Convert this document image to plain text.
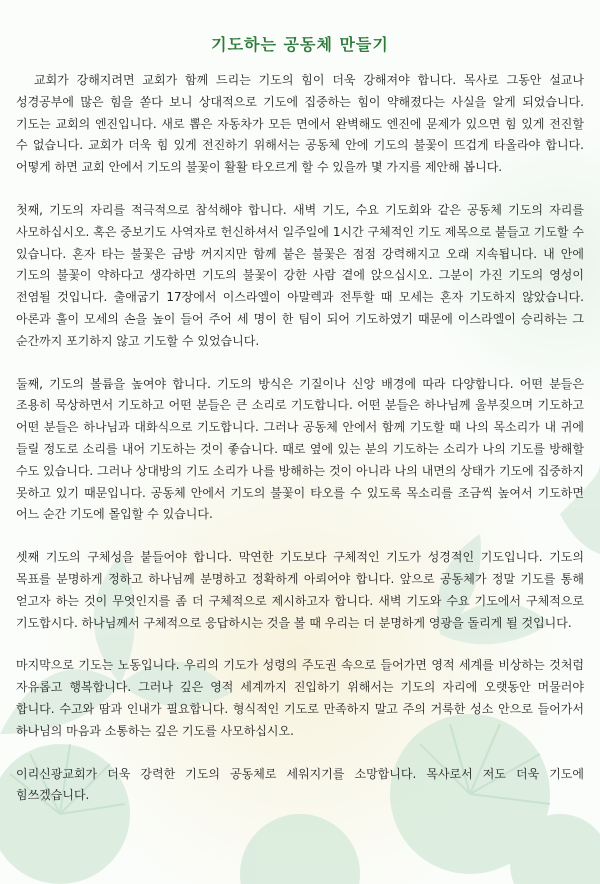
기도하는 공동체 만들기

교회가 강해지려면 교회가 함께 드리는 기도의 힘이 더욱 강해져야 합니다. 목사로 그동안 설교나 성경공부에 많은 힘을 쏟다 보니 상대적으로 기도에 집중하는 힘이 약해졌다는 사실을 알게 되었습니다. 기도는 교회의 엔진입니다. 새로 뽑은 자동차가 모든 면에서 완벽해도 엔진에 문제가 있으면 힘 있게 전진할 수 없습니다. 교회가 더욱 힘 있게 전진하기 위해서는 공동체 안에 기도의 불꽃이 뜨겁게 타올라야 합니다. 어떻게 하면 교회 안에서 기도의 불꽃이 활활 타오르게 할 수 있을까 몇 가지를 제안해 봅니다.

첫째, 기도의 자리를 적극적으로 참석해야 합니다. 새벽 기도, 수요 기도회와 같은 공동체 기도의 자리를 사모하십시오. 혹은 중보기도 사역자로 헌신하셔서 일주일에 1시간 구체적인 기도 제목으로 붙들고 기도할 수 있습니다. 혼자 타는 불꽃은 금방 꺼지지만 함께 붙은 불꽃은 점점 강력해지고 오래 지속됩니다. 내 안에 기도의 불꽃이 약하다고 생각하면 기도의 불꽃이 강한 사람 곁에 앉으십시오. 그분이 가진 기도의 영성이 전염될 것입니다. 출애굽기 17장에서 이스라엘이 아말렉과 전투할 때 모세는 혼자 기도하지 않았습니다. 아론과 훌이 모세의 손을 높이 들어 주어 세 명이 한 팀이 되어 기도하였기 때문에 이스라엘이 승리하는 그 순간까지 포기하지 않고 기도할 수 있었습니다.

둘째, 기도의 볼륨을 높여야 합니다. 기도의 방식은 기질이나 신앙 배경에 따라 다양합니다. 어떤 분들은 조용히 묵상하면서 기도하고 어떤 분들은 큰 소리로 기도합니다. 어떤 분들은 하나님께 울부짖으며 기도하고 어떤 분들은 하나님과 대화식으로 기도합니다. 그러나 공동체 안에서 함께 기도할 때 나의 목소리가 내 귀에 들릴 정도로 소리를 내어 기도하는 것이 좋습니다. 때로 옆에 있는 분의 기도하는 소리가 나의 기도를 방해할 수도 있습니다. 그러나 상대방의 기도 소리가 나를 방해하는 것이 아니라 나의 내면의 상태가 기도에 집중하지 못하고 있기 때문입니다. 공동체 안에서 기도의 불꽃이 타오를 수 있도록 목소리를 조금씩 높여서 기도하면 어느 순간 기도에 몰입할 수 있습니다.

셋째 기도의 구체성을 붙들어야 합니다. 막연한 기도보다 구체적인 기도가 성경적인 기도입니다. 기도의 목표를 분명하게 정하고 하나님께 분명하고 정확하게 아뢰어야 합니다. 앞으로 공동체가 정말 기도를 통해 얻고자 하는 것이 무엇인지를 좀 더 구체적으로 제시하고자 합니다. 새벽 기도와 수요 기도에서 구체적으로 기도합시다. 하나님께서 구체적으로 응답하시는 것을 볼 때 우리는 더 분명하게 영광을 돌리게 될 것입니다.

마지막으로 기도는 노동입니다. 우리의 기도가 성령의 주도권 속으로 들어가면 영적 세계를 비상하는 것처럼 자유롭고 행복합니다. 그러나 깊은 영적 세계까지 진입하기 위해서는 기도의 자리에 오랫동안 머물러야 합니다. 수고와 땀과 인내가 필요합니다. 형식적인 기도로 만족하지 말고 주의 거룩한 성소 안으로 들어가서 하나님의 마음과 소통하는 깊은 기도를 사모하십시오.

이리신광교회가 더욱 강력한 기도의 공동체로 세워지기를 소망합니다. 목사로서 저도 더욱 기도에 힘쓰겠습니다.
